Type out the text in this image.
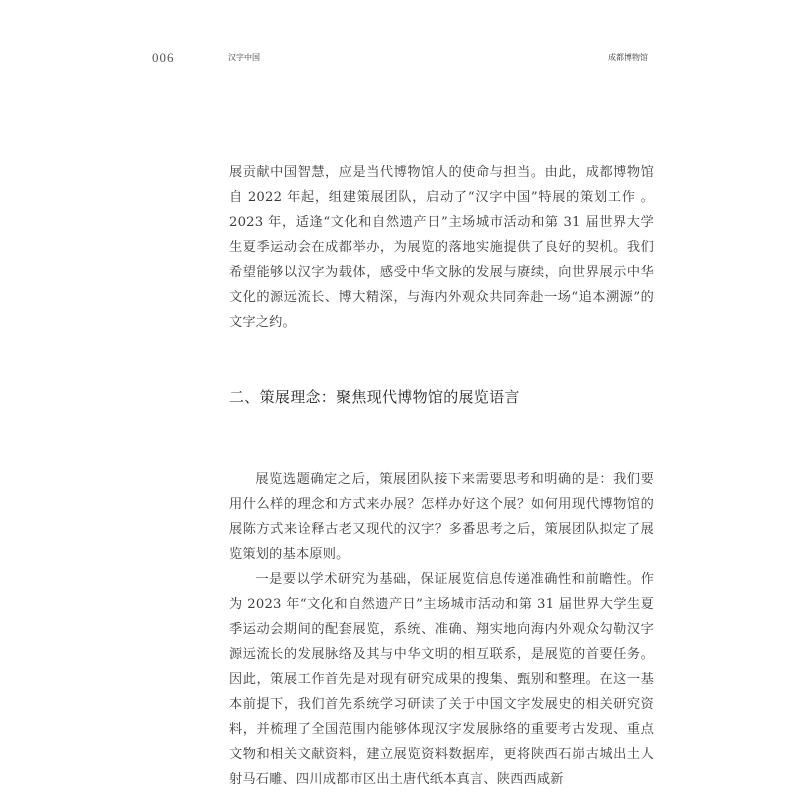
006	汉字中国	成都博物馆

展贡献中国智慧，应是当代博物馆人的使命与担当。由此，成都博物馆自 2022 年起，组建策展团队，启动了“汉字中国”特展的策划工作 。2023 年，适逢“文化和自然遗产日”主场城市活动和第 31 届世界大学生夏季运动会在成都举办，为展览的落地实施提供了良好的契机。我们希望能够以汉字为载体，感受中华文脉的发展与赓续，向世界展示中华文化的源远流长、博大精深，与海内外观众共同奔赴一场“追本溯源”的文字之约。

二、策展理念：聚焦现代博物馆的展览语言

展览选题确定之后，策展团队接下来需要思考和明确的是：我们要用什么样的理念和方式来办展？怎样办好这个展？如何用现代博物馆的展陈方式来诠释古老又现代的汉字？多番思考之后，策展团队拟定了展览策划的基本原则。

一是要以学术研究为基础，保证展览信息传递准确性和前瞻性。作为 2023 年“文化和自然遗产日”主场城市活动和第 31 届世界大学生夏季运动会期间的配套展览，系统、准确、翔实地向海内外观众勾勒汉字源远流长的发展脉络及其与中华文明的相互联系，是展览的首要任务。因此，策展工作首先是对现有研究成果的搜集、甄别和整理。在这一基本前提下，我们首先系统学习研读了关于中国文字发展史的相关研究资料，并梳理了全国范围内能够体现汉字发展脉络的重要考古发现、重点文物和相关文献资料，建立展览资料数据库，更将陕西石峁古城出土人射马石雕、四川成都市区出土唐代纸本真言、陕西西咸新
